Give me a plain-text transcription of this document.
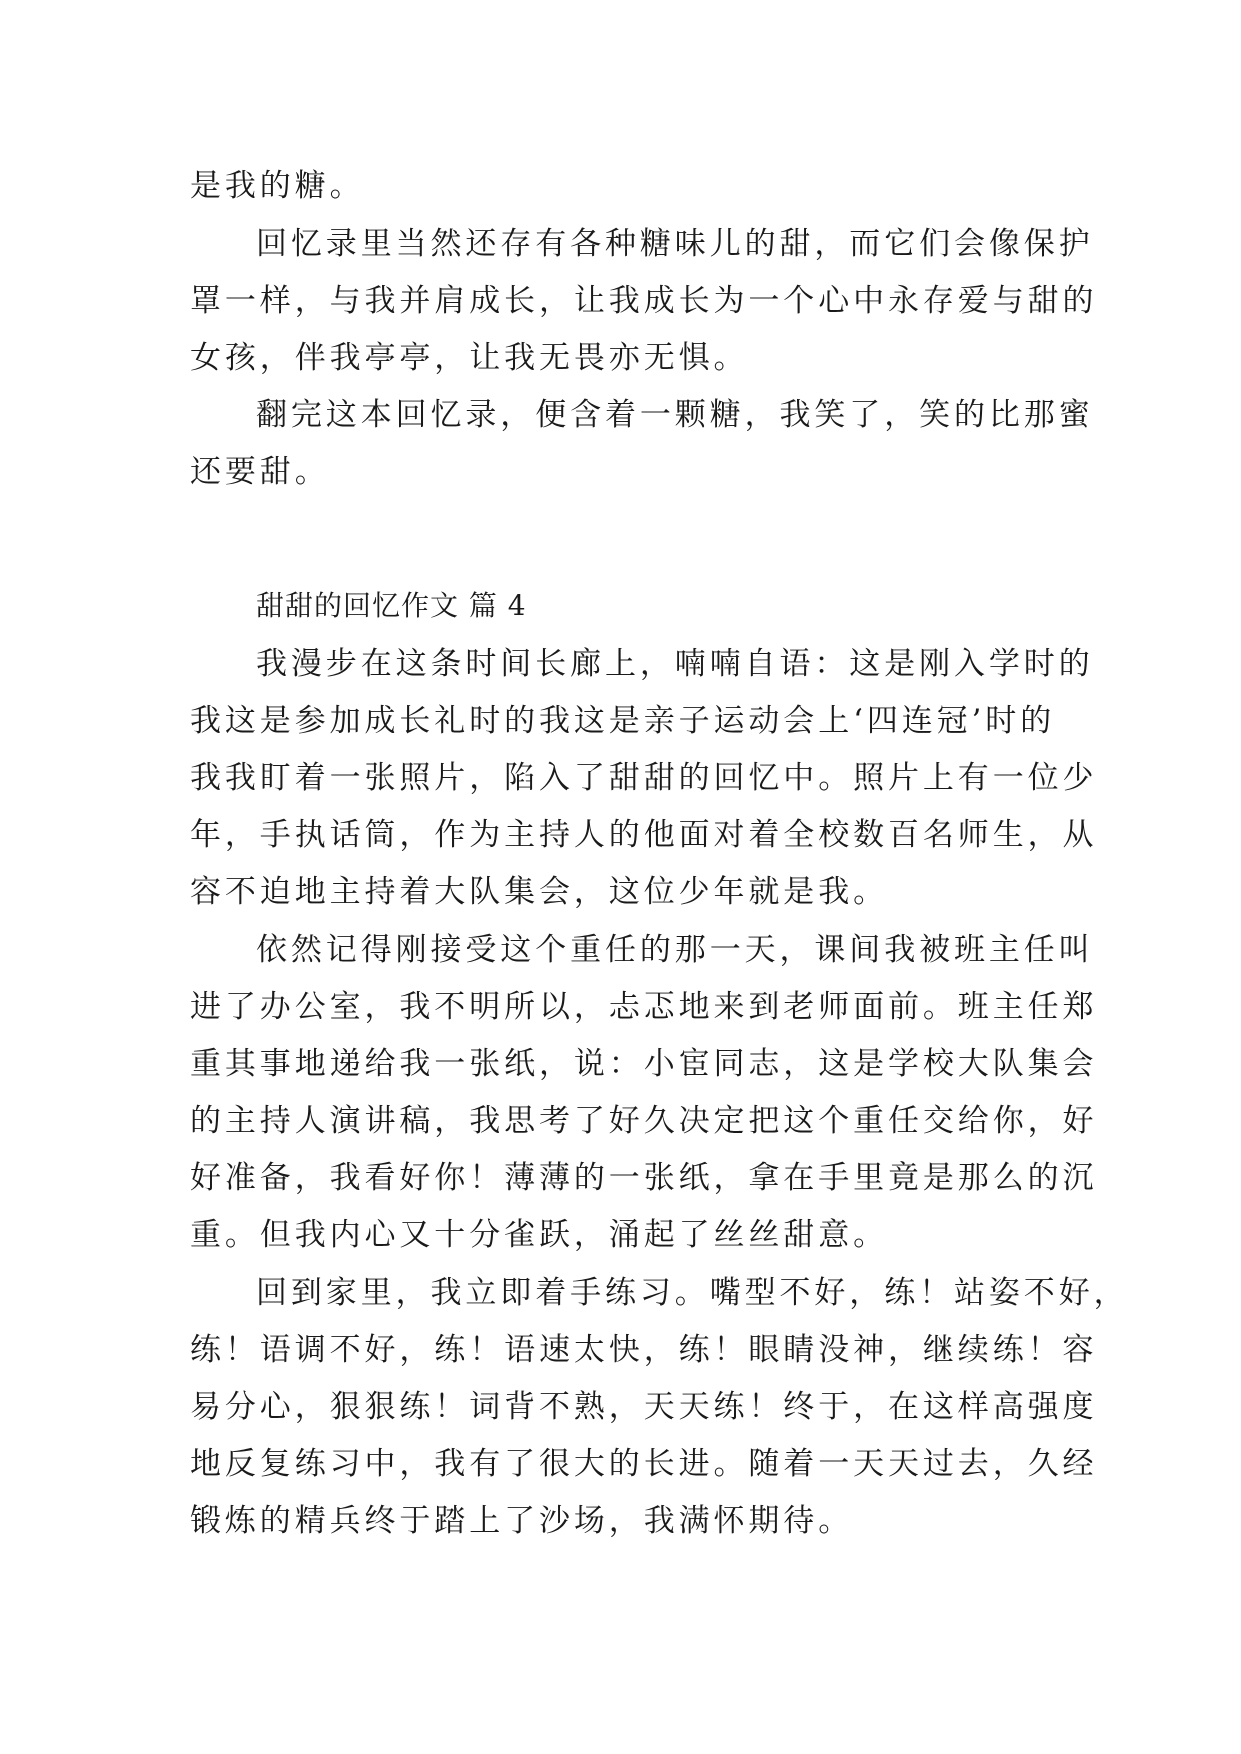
是我的糖。
回忆录里当然还存有各种糖味儿的甜，而它们会像保护
罩一样，与我并肩成长，让我成长为一个心中永存爱与甜的
女孩，伴我亭亭，让我无畏亦无惧。
翻完这本回忆录，便含着一颗糖，我笑了，笑的比那蜜
还要甜。
甜甜的回忆作文 篇 4
我漫步在这条时间长廊上，喃喃自语：这是刚入学时的
我这是参加成长礼时的我这是亲子运动会上‘四连冠’时的
我我盯着一张照片，陷入了甜甜的回忆中。照片上有一位少
年，手执话筒，作为主持人的他面对着全校数百名师生，从
容不迫地主持着大队集会，这位少年就是我。
依然记得刚接受这个重任的那一天，课间我被班主任叫
进了办公室，我不明所以，忐忑地来到老师面前。班主任郑
重其事地递给我一张纸，说：小宦同志，这是学校大队集会
的主持人演讲稿，我思考了好久决定把这个重任交给你，好
好准备，我看好你！薄薄的一张纸，拿在手里竟是那么的沉
重。但我内心又十分雀跃，涌起了丝丝甜意。
回到家里，我立即着手练习。嘴型不好，练！站姿不好，
练！语调不好，练！语速太快，练！眼睛没神，继续练！容
易分心，狠狠练！词背不熟，天天练！终于，在这样高强度
地反复练习中，我有了很大的长进。随着一天天过去，久经
锻炼的精兵终于踏上了沙场，我满怀期待。
